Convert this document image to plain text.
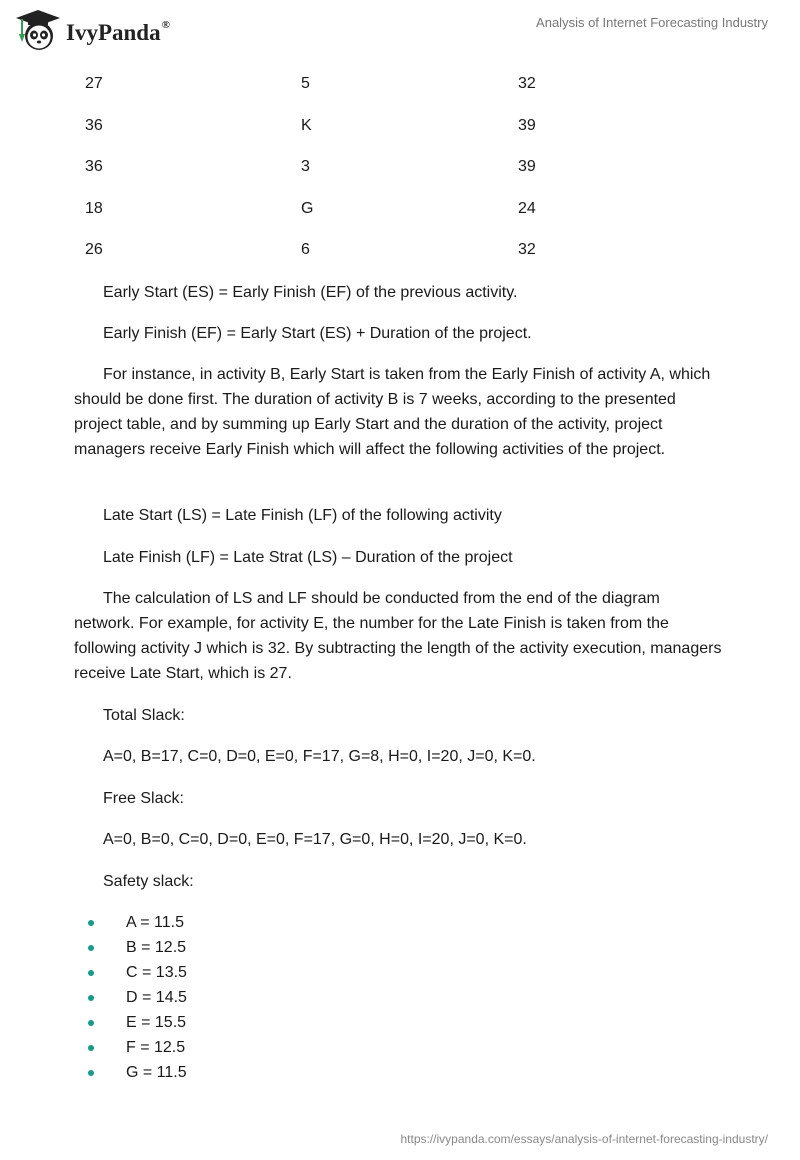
IvyPanda®	Analysis of Internet Forecasting Industry
27	5	32
36	K	39
36	3	39
18	G	24
26	6	32

Early Start (ES) = Early Finish (EF) of the previous activity.

Early Finish (EF) = Early Start (ES) + Duration of the project.

For instance, in activity B, Early Start is taken from the Early Finish of activity A, which should be done first. The duration of activity B is 7 weeks, according to the presented project table, and by summing up Early Start and the duration of the activity, project managers receive Early Finish which will affect the following activities of the project.

Late Start (LS) = Late Finish (LF) of the following activity

Late Finish (LF) = Late Strat (LS) – Duration of the project

The calculation of LS and LF should be conducted from the end of the diagram network. For example, for activity E, the number for the Late Finish is taken from the following activity J which is 32. By subtracting the length of the activity execution, managers receive Late Start, which is 27.

Total Slack:

A=0, B=17, C=0, D=0, E=0, F=17, G=8, H=0, I=20, J=0, K=0.

Free Slack:

A=0, B=0, C=0, D=0, E=0, F=17, G=0, H=0, I=20, J=0, K=0.

Safety slack:

A = 11.5
B = 12.5
C = 13.5
D = 14.5
E = 15.5
F = 12.5
G = 11.5
https://ivypanda.com/essays/analysis-of-internet-forecasting-industry/
